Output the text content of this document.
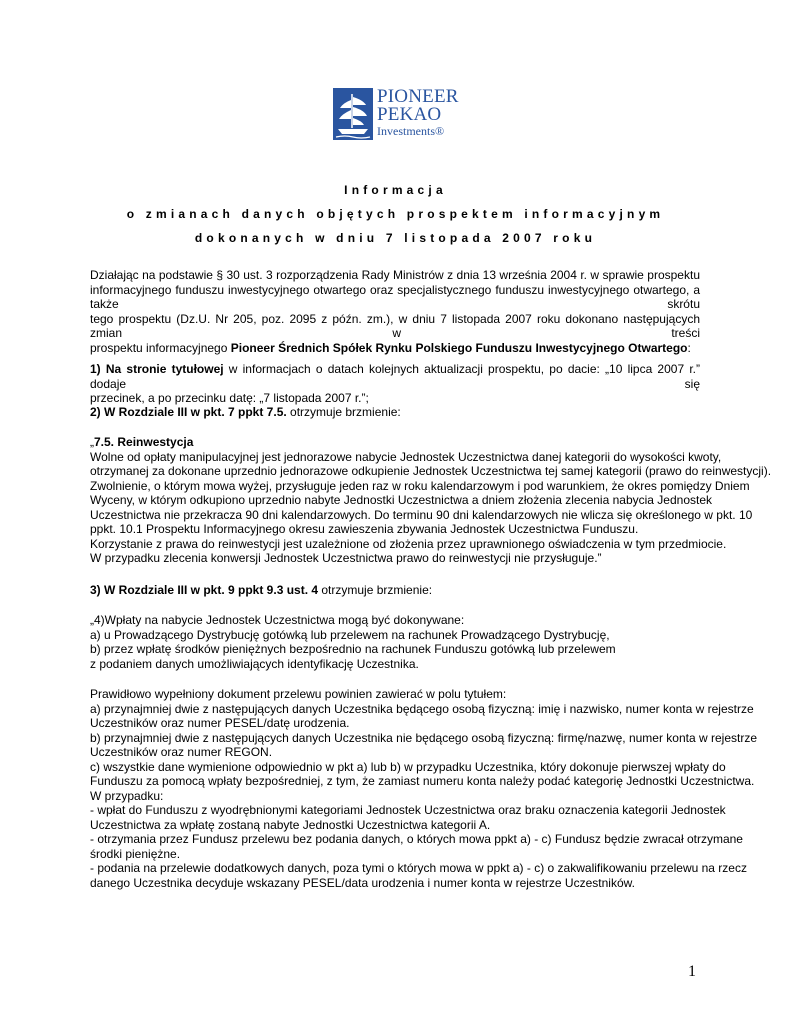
PIONEER
PEKAO
Investments®
Informacja
o zmianach danych objętych prospektem informacyjnym
dokonanych w dniu 7 listopada 2007 roku
Działając na podstawie § 30 ust. 3 rozporządzenia Rady Ministrów z dnia 13 września 2004 r. w sprawie prospektu
informacyjnego funduszu inwestycyjnego otwartego oraz specjalistycznego funduszu inwestycyjnego otwartego, a także skrótu
tego prospektu (Dz.U. Nr 205, poz. 2095 z późn. zm.), w dniu 7 listopada 2007 roku dokonano następujących zmian w treści
prospektu informacyjnego Pioneer Średnich Spółek Rynku Polskiego Funduszu Inwestycyjnego Otwartego:
1) Na stronie tytułowej w informacjach o datach kolejnych aktualizacji prospektu, po dacie: „10 lipca 2007 r.” dodaje się
przecinek, a po przecinku datę: „7 listopada 2007 r.”;
2) W Rozdziale III w pkt. 7 ppkt 7.5. otrzymuje brzmienie:
„7.5. Reinwestycja
Wolne od opłaty manipulacyjnej jest jednorazowe nabycie Jednostek Uczestnictwa danej kategorii do wysokości kwoty,
otrzymanej za dokonane uprzednio jednorazowe odkupienie Jednostek Uczestnictwa tej samej kategorii (prawo do reinwestycji).
Zwolnienie, o którym mowa wyżej, przysługuje jeden raz w roku kalendarzowym i pod warunkiem, że okres pomiędzy Dniem
Wyceny, w którym odkupiono uprzednio nabyte Jednostki Uczestnictwa a dniem złożenia zlecenia nabycia Jednostek
Uczestnictwa nie przekracza 90 dni kalendarzowych. Do terminu 90 dni kalendarzowych nie wlicza się określonego w pkt. 10
ppkt. 10.1 Prospektu Informacyjnego okresu zawieszenia zbywania Jednostek Uczestnictwa Funduszu.
Korzystanie z prawa do reinwestycji jest uzależnione od złożenia przez uprawnionego oświadczenia w tym przedmiocie.
W przypadku zlecenia konwersji Jednostek Uczestnictwa prawo do reinwestycji nie przysługuje.”
3) W Rozdziale III w pkt. 9 ppkt 9.3 ust. 4 otrzymuje brzmienie:
„4)Wpłaty na nabycie Jednostek Uczestnictwa mogą być dokonywane:
a) u Prowadzącego Dystrybucję gotówką lub przelewem na rachunek Prowadzącego Dystrybucję,
b) przez wpłatę środków pieniężnych bezpośrednio na rachunek Funduszu gotówką lub przelewem
z podaniem danych umożliwiających identyfikację Uczestnika.
Prawidłowo wypełniony dokument przelewu powinien zawierać w polu tytułem:
a) przynajmniej dwie z następujących danych Uczestnika będącego osobą fizyczną: imię i nazwisko, numer konta w rejestrze
Uczestników oraz numer PESEL/datę urodzenia.
b) przynajmniej dwie z następujących danych Uczestnika nie będącego osobą fizyczną: firmę/nazwę, numer konta w rejestrze
Uczestników oraz numer REGON.
c) wszystkie dane wymienione odpowiednio w pkt a) lub b) w przypadku Uczestnika, który dokonuje pierwszej wpłaty do
Funduszu za pomocą wpłaty bezpośredniej, z tym, że zamiast numeru konta należy podać kategorię Jednostki Uczestnictwa.
W przypadku:
- wpłat do Funduszu z wyodrębnionymi kategoriami Jednostek Uczestnictwa oraz braku oznaczenia kategorii Jednostek
Uczestnictwa za wpłatę zostaną nabyte Jednostki Uczestnictwa kategorii A.
- otrzymania przez Fundusz przelewu bez podania danych, o których mowa ppkt a) - c) Fundusz będzie zwracał otrzymane
środki pieniężne.
- podania na przelewie dodatkowych danych, poza tymi o których mowa w ppkt a) - c) o zakwalifikowaniu przelewu na rzecz
danego Uczestnika decyduje wskazany PESEL/data urodzenia i numer konta w rejestrze Uczestników.
1
